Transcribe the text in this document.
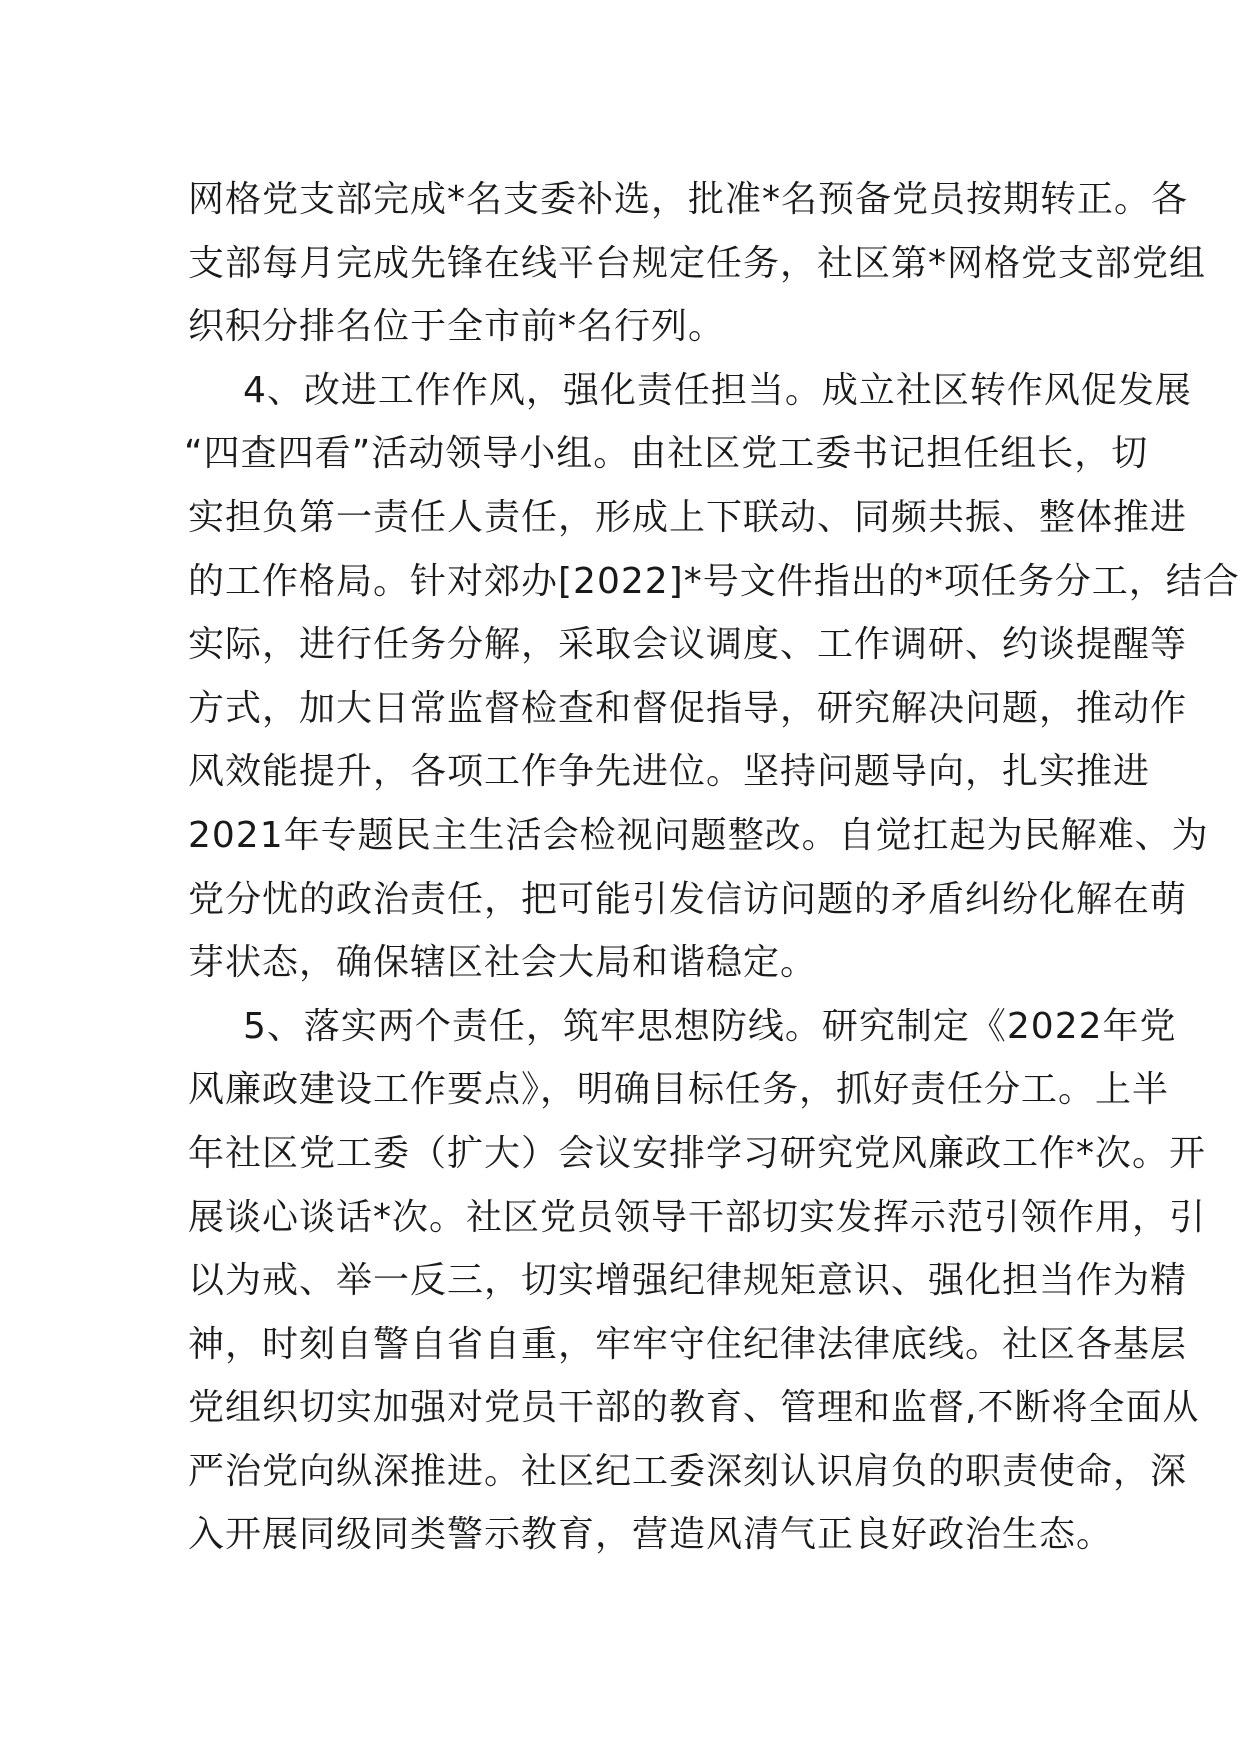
网格党支部完成*名支委补选，批准*名预备党员按期转正。各
支部每月完成先锋在线平台规定任务，社区第*网格党支部党组
织积分排名位于全市前*名行列。
4、改进工作作风，强化责任担当。成立社区转作风促发展
“四查四看”活动领导小组。由社区党工委书记担任组长，切
实担负第一责任人责任，形成上下联动、同频共振、整体推进
的工作格局。针对郊办[2022]*号文件指出的*项任务分工，结合
实际，进行任务分解，采取会议调度、工作调研、约谈提醒等
方式，加大日常监督检查和督促指导，研究解决问题，推动作
风效能提升，各项工作争先进位。坚持问题导向，扎实推进
2021年专题民主生活会检视问题整改。自觉扛起为民解难、为
党分忧的政治责任，把可能引发信访问题的矛盾纠纷化解在萌
芽状态，确保辖区社会大局和谐稳定。
5、落实两个责任，筑牢思想防线。研究制定《2022年党
风廉政建设工作要点》，明确目标任务，抓好责任分工。上半
年社区党工委（扩大）会议安排学习研究党风廉政工作*次。开
展谈心谈话*次。社区党员领导干部切实发挥示范引领作用，引
以为戒、举一反三，切实增强纪律规矩意识、强化担当作为精
神，时刻自警自省自重，牢牢守住纪律法律底线。社区各基层
党组织切实加强对党员干部的教育、管理和监督,不断将全面从
严治党向纵深推进。社区纪工委深刻认识肩负的职责使命，深
入开展同级同类警示教育，营造风清气正良好政治生态。
